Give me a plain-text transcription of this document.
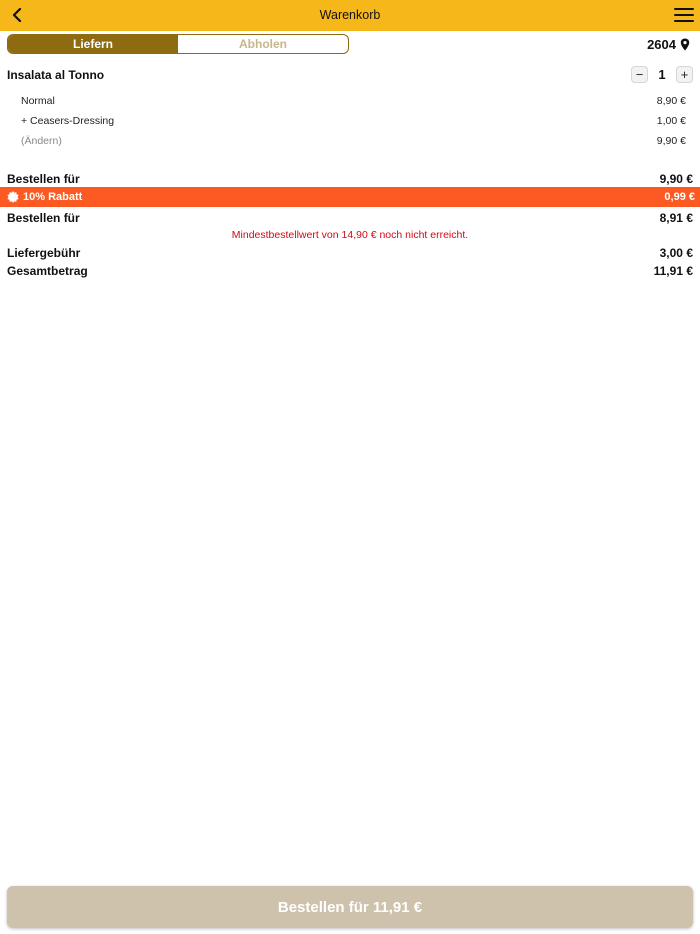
Warenkorb
Liefern	Abholen	2604
Insalata al Tonno	−	1	+
Normal	8,90 €
+ Ceasers-Dressing	1,00 €
(Ändern)	9,90 €
Bestellen für	9,90 €
10% Rabatt	0,99 €
Bestellen für	8,91 €
Mindestbestellwert von 14,90 € noch nicht erreicht.
Liefergebühr	3,00 €
Gesamtbetrag	11,91 €
Bestellen für 11,91 €
